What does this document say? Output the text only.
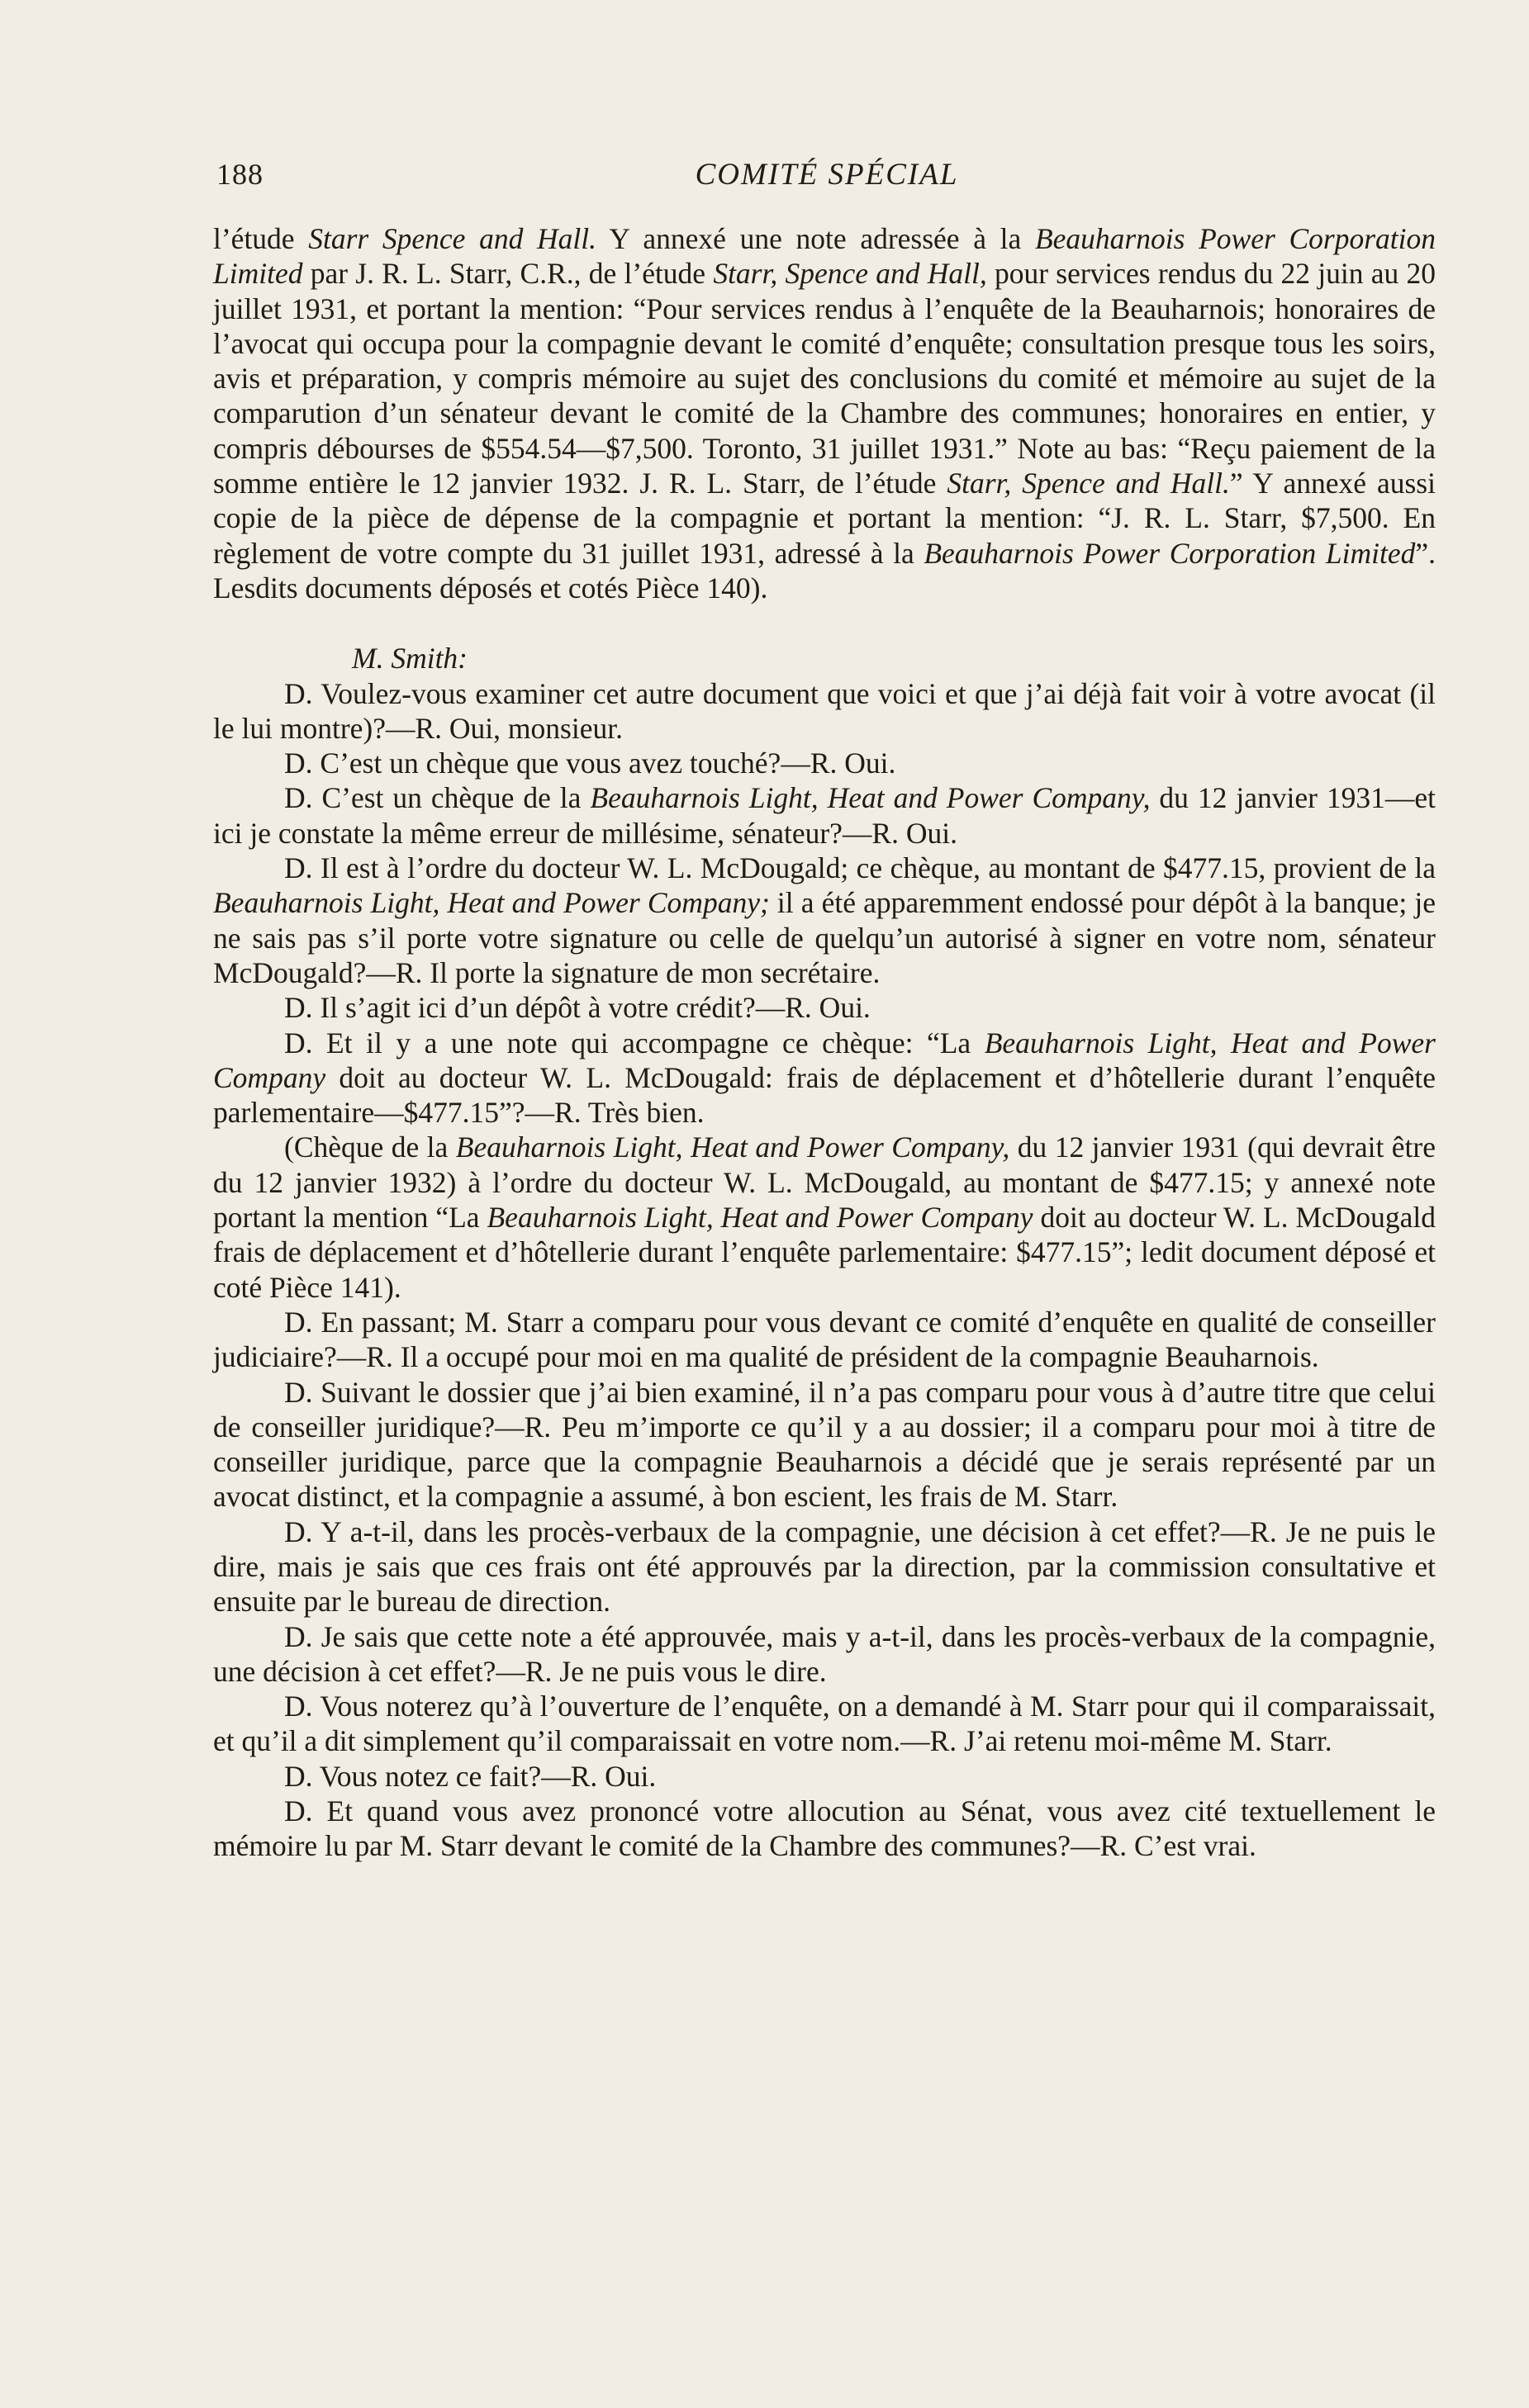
188	COMITÉ SPÉCIAL

l’étude Starr Spence and Hall. Y annexé une note adressée à la Beauharnois Power Corporation Limited par J. R. L. Starr, C.R., de l’étude Starr, Spence and Hall, pour services rendus du 22 juin au 20 juillet 1931, et portant la mention: “Pour services rendus à l’enquête de la Beauharnois; honoraires de l’avocat qui occupa pour la compagnie devant le comité d’enquête; consultation presque tous les soirs, avis et préparation, y compris mémoire au sujet des conclusions du comité et mémoire au sujet de la comparution d’un sénateur devant le comité de la Chambre des communes; honoraires en entier, y compris débourses de $554.54—$7,500. Toronto, 31 juillet 1931.” Note au bas: “Reçu paiement de la somme entière le 12 janvier 1932. J. R. L. Starr, de l’étude Starr, Spence and Hall.” Y annexé aussi copie de la pièce de dépense de la compagnie et portant la mention: “J. R. L. Starr, $7,500. En règlement de votre compte du 31 juillet 1931, adressé à la Beauharnois Power Corporation Limited”. Lesdits documents déposés et cotés Pièce 140).

M. Smith:

D. Voulez-vous examiner cet autre document que voici et que j’ai déjà fait voir à votre avocat (il le lui montre)?—R. Oui, monsieur.

D. C’est un chèque que vous avez touché?—R. Oui.

D. C’est un chèque de la Beauharnois Light, Heat and Power Company, du 12 janvier 1931—et ici je constate la même erreur de millésime, sénateur?—R. Oui.

D. Il est à l’ordre du docteur W. L. McDougald; ce chèque, au montant de $477.15, provient de la Beauharnois Light, Heat and Power Company; il a été apparemment endossé pour dépôt à la banque; je ne sais pas s’il porte votre signature ou celle de quelqu’un autorisé à signer en votre nom, sénateur McDougald?—R. Il porte la signature de mon secrétaire.

D. Il s’agit ici d’un dépôt à votre crédit?—R. Oui.

D. Et il y a une note qui accompagne ce chèque: “La Beauharnois Light, Heat and Power Company doit au docteur W. L. McDougald: frais de déplacement et d’hôtellerie durant l’enquête parlementaire—$477.15”?—R. Très bien.

(Chèque de la Beauharnois Light, Heat and Power Company, du 12 janvier 1931 (qui devrait être du 12 janvier 1932) à l’ordre du docteur W. L. McDougald, au montant de $477.15; y annexé note portant la mention “La Beauharnois Light, Heat and Power Company doit au docteur W. L. McDougald frais de déplacement et d’hôtellerie durant l’enquête parlementaire: $477.15”; ledit document déposé et coté Pièce 141).

D. En passant; M. Starr a comparu pour vous devant ce comité d’enquête en qualité de conseiller judiciaire?—R. Il a occupé pour moi en ma qualité de président de la compagnie Beauharnois.

D. Suivant le dossier que j’ai bien examiné, il n’a pas comparu pour vous à d’autre titre que celui de conseiller juridique?—R. Peu m’importe ce qu’il y a au dossier; il a comparu pour moi à titre de conseiller juridique, parce que la compagnie Beauharnois a décidé que je serais représenté par un avocat distinct, et la compagnie a assumé, à bon escient, les frais de M. Starr.

D. Y a-t-il, dans les procès-verbaux de la compagnie, une décision à cet effet?—R. Je ne puis le dire, mais je sais que ces frais ont été approuvés par la direction, par la commission consultative et ensuite par le bureau de direction.

D. Je sais que cette note a été approuvée, mais y a-t-il, dans les procès-verbaux de la compagnie, une décision à cet effet?—R. Je ne puis vous le dire.

D. Vous noterez qu’à l’ouverture de l’enquête, on a demandé à M. Starr pour qui il comparaissait, et qu’il a dit simplement qu’il comparaissait en votre nom.—R. J’ai retenu moi-même M. Starr.

D. Vous notez ce fait?—R. Oui.

D. Et quand vous avez prononcé votre allocution au Sénat, vous avez cité textuellement le mémoire lu par M. Starr devant le comité de la Chambre des communes?—R. C’est vrai.
